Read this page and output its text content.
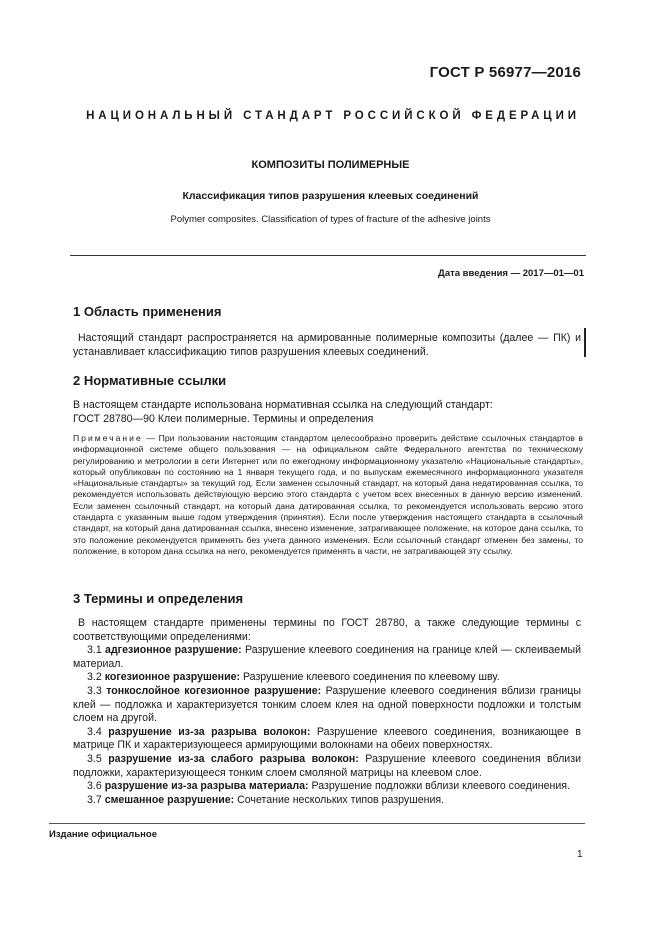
ГОСТ Р 56977—2016
НАЦИОНАЛЬНЫЙ СТАНДАРТ РОССИЙСКОЙ ФЕДЕРАЦИИ
КОМПОЗИТЫ ПОЛИМЕРНЫЕ
Классификация типов разрушения клеевых соединений
Polymer composites. Classification of types of fracture of the adhesive joints
Дата введения — 2017—01—01
1 Область применения

Настоящий стандарт распространяется на армированные полимерные композиты (далее — ПК) и устанавливает классификацию типов разрушения клеевых соединений.

2 Нормативные ссылки

В настоящем стандарте использована нормативная ссылка на следующий стандарт:

ГОСТ 28780—90 Клеи полимерные. Термины и определения

Примечание — При пользовании настоящим стандартом целесообразно проверить действие ссылочных стандартов в информационной системе общего пользования — на официальном сайте Федерального агентства по техническому регулированию и метрологии в сети Интернет или по ежегодному информационному указателю «Национальные стандарты», который опубликован по состоянию на 1 января текущего года, и по выпускам ежемесячного информационного указателя «Национальные стандарты» за текущий год. Если заменен ссылочный стандарт, на который дана недатированная ссылка, то рекомендуется использовать действующую версию этого стандарта с учетом всех внесенных в данную версию изменений. Если заменен ссылочный стандарт, на который дана датированная ссылка, то рекомендуется использовать версию этого стандарта с указанным выше годом утверждения (принятия). Если после утверждения настоящего стандарта в ссылочный стандарт, на который дана датированная ссылка, внесено изменение, затрагивающее положение, на которое дана ссылка, то это положение рекомендуется применять без учета данного изменения. Если ссылочный стандарт отменен без замены, то положение, в котором дана ссылка на него, рекомендуется применять в части, не затрагивающей эту ссылку.
3 Термины и определения

В настоящем стандарте применены термины по ГОСТ 28780, а также следующие термины с соответствующими определениями:

3.1 адгезионное разрушение: Разрушение клеевого соединения на границе клей — склеиваемый материал.

3.2 когезионное разрушение: Разрушение клеевого соединения по клеевому шву.

3.3 тонкослойное когезионное разрушение: Разрушение клеевого соединения вблизи границы клей — подложка и характеризуется тонким слоем клея на одной поверхности подложки и толстым слоем на другой.

3.4 разрушение из-за разрыва волокон: Разрушение клеевого соединения, возникающее в матрице ПК и характеризующееся армирующими волокнами на обеих поверхностях.

3.5 разрушение из-за слабого разрыва волокон: Разрушение клеевого соединения вблизи подложки, характеризующееся тонким слоем смоляной матрицы на клеевом слое.

3.6 разрушение из-за разрыва материала: Разрушение подложки вблизи клеевого соединения.

3.7 смешанное разрушение: Сочетание нескольких типов разрушения.

Издание официальное
1
